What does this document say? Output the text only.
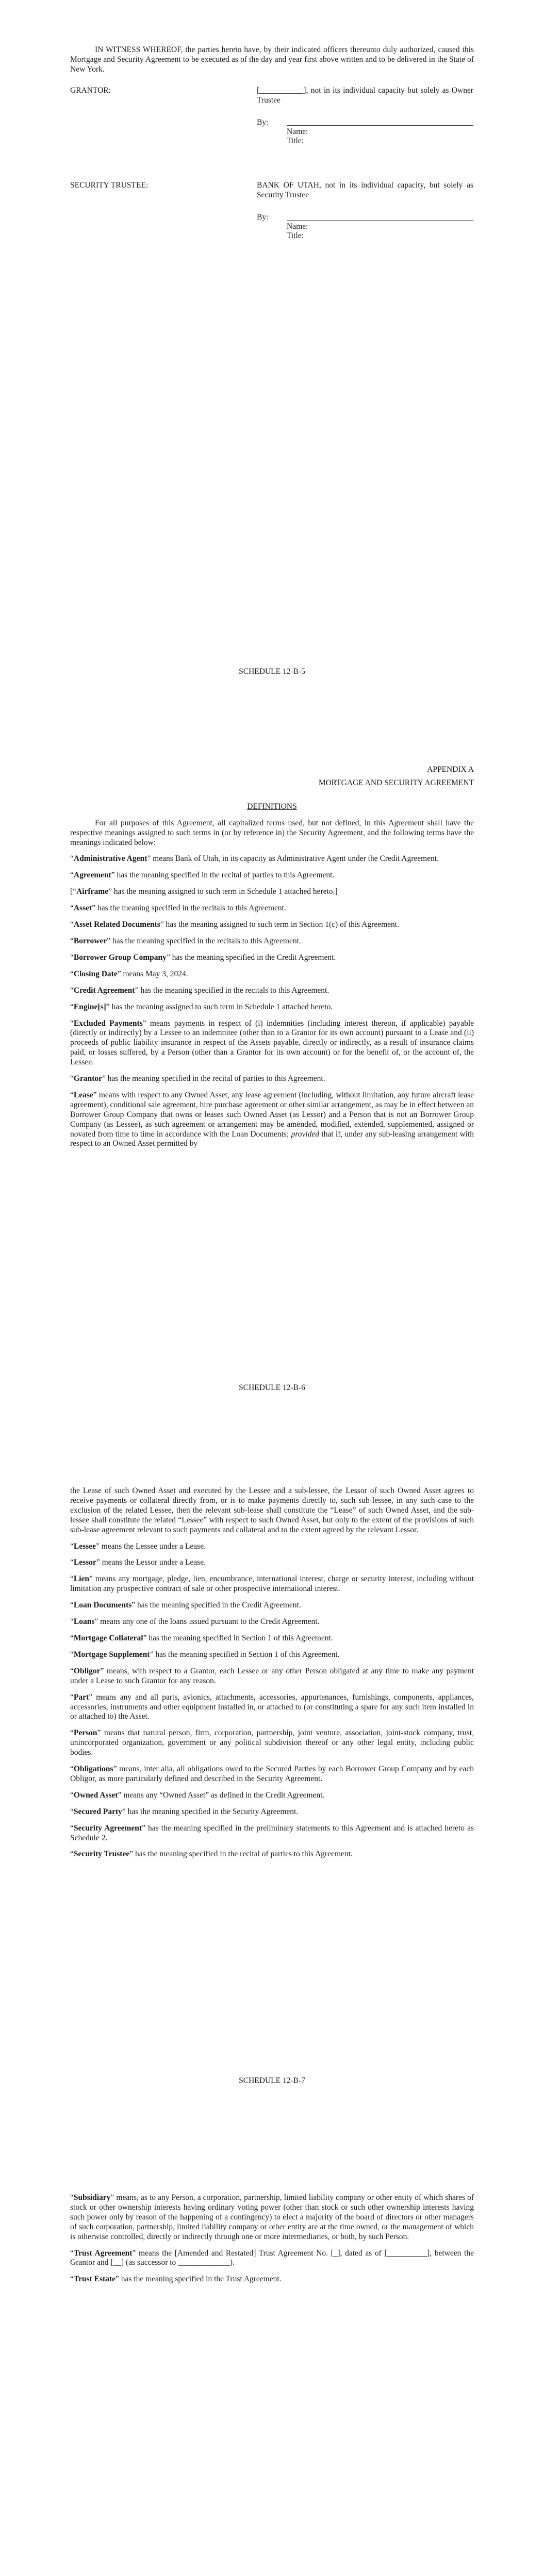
IN WITNESS WHEREOF, the parties hereto have, by their indicated officers thereunto duly authorized, caused this Mortgage and Security Agreement to be executed as of the day and year first above written and to be delivered in the State of New York.

GRANTOR:	[___________], not in its individual capacity but solely as Owner Trustee
By:
Name:
Title:
SECURITY TRUSTEE:	BANK OF UTAH, not in its individual capacity, but solely as Security Trustee
By:
Name:
Title:
SCHEDULE 12-B-5

APPENDIX A

MORTGAGE AND SECURITY AGREEMENT

DEFINITIONS

For all purposes of this Agreement, all capitalized terms used, but not defined, in this Agreement shall have the respective meanings assigned to such terms in (or by reference in) the Security Agreement, and the following terms have the meanings indicated below:

“Administrative Agent” means Bank of Utah, in its capacity as Administrative Agent under the Credit Agreement.

“Agreement” has the meaning specified in the recital of parties to this Agreement.

[“Airframe” has the meaning assigned to such term in Schedule 1 attached hereto.]

“Asset” has the meaning specified in the recitals to this Agreement.

“Asset Related Documents” has the meaning assigned to such term in Section 1(c) of this Agreement.

“Borrower” has the meaning specified in the recitals to this Agreement.

“Borrower Group Company” has the meaning specified in the Credit Agreement.

“Closing Date” means May 3, 2024.

“Credit Agreement” has the meaning specified in the recitals to this Agreement.

“Engine[s]” has the meaning assigned to such term in Schedule 1 attached hereto.

“Excluded Payments” means payments in respect of (i) indemnities (including interest thereon, if applicable) payable (directly or indirectly) by a Lessee to an indemnitee (other than to a Grantor for its own account) pursuant to a Lease and (ii) proceeds of public liability insurance in respect of the Assets payable, directly or indirectly, as a result of insurance claims paid, or losses suffered, by a Person (other than a Grantor for its own account) or for the benefit of, or the account of, the Lessee.

“Grantor” has the meaning specified in the recital of parties to this Agreement.

“Lease” means with respect to any Owned Asset, any lease agreement (including, without limitation, any future aircraft lease agreement), conditional sale agreement, hire purchase agreement or other similar arrangement, as may be in effect between an Borrower Group Company that owns or leases such Owned Asset (as Lessor) and a Person that is not an Borrower Group Company (as Lessee), as such agreement or arrangement may be amended, modified, extended, supplemented, assigned or novated from time to time in accordance with the Loan Documents; provided that if, under any sub-leasing arrangement with respect to an Owned Asset permitted by

SCHEDULE 12-B-6

the Lease of such Owned Asset and executed by the Lessee and a sub-lessee, the Lessor of such Owned Asset agrees to receive payments or collateral directly from, or is to make payments directly to, such sub-lessee, in any such case to the exclusion of the related Lessee, then the relevant sub-lease shall constitute the “Lease” of such Owned Asset, and the sub-lessee shall constitute the related “Lessee” with respect to such Owned Asset, but only to the extent of the provisions of such sub-lease agreement relevant to such payments and collateral and to the extent agreed by the relevant Lessor.

“Lessee” means the Lessee under a Lease.

“Lessor” means the Lessor under a Lease.

“Lien” means any mortgage, pledge, lien, encumbrance, international interest, charge or security interest, including without limitation any prospective contract of sale or other prospective international interest.

“Loan Documents” has the meaning specified in the Credit Agreement.

“Loans” means any one of the loans issued pursuant to the Credit Agreement.

“Mortgage Collateral” has the meaning specified in Section 1 of this Agreement.

“Mortgage Supplement” has the meaning specified in Section 1 of this Agreement.

“Obligor” means, with respect to a Grantor, each Lessee or any other Person obligated at any time to make any payment under a Lease to such Grantor for any reason.

“Part” means any and all parts, avionics, attachments, accessories, appurtenances, furnishings, components, appliances, accessories, instruments and other equipment installed in, or attached to (or constituting a spare for any such item installed in or attached to) the Asset.

“Person” means that natural person, firm, corporation, partnership, joint venture, association, joint-stock company, trust, unincorporated organization, government or any political subdivision thereof or any other legal entity, including public bodies.

“Obligations” means, inter alia, all obligations owed to the Secured Parties by each Borrower Group Company and by each Obligor, as more particularly defined and described in the Security Agreement.

“Owned Asset” means any “Owned Asset” as defined in the Credit Agreement.

“Secured Party” has the meaning specified in the Security Agreement.

“Security Agreement” has the meaning specified in the preliminary statements to this Agreement and is attached hereto as Schedule 2.

“Security Trustee” has the meaning specified in the recital of parties to this Agreement.

SCHEDULE 12-B-7

“Subsidiary” means, as to any Person, a corporation, partnership, limited liability company or other entity of which shares of stock or other ownership interests having ordinary voting power (other than stock or such other ownership interests having such power only by reason of the happening of a contingency) to elect a majority of the board of directors or other managers of such corporation, partnership, limited liability company or other entity are at the time owned, or the management of which is otherwise controlled, directly or indirectly through one or more intermediaries, or both, by such Person.

“Trust Agreement” means the [Amended and Restated] Trust Agreement No. [_], dated as of [__________], between the Grantor and [__] (as successor to _____________).

“Trust Estate” has the meaning specified in the Trust Agreement.
